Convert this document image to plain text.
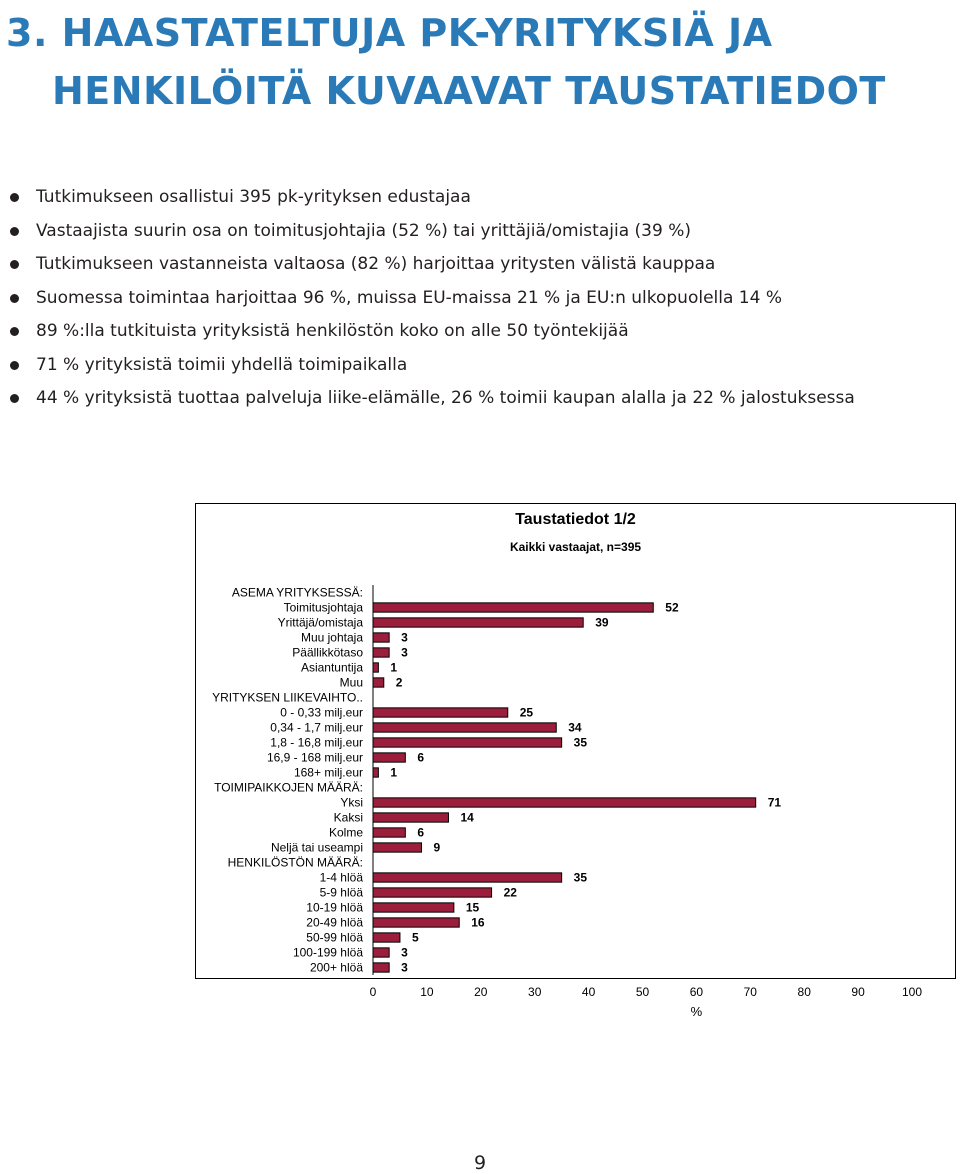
3. HAASTATELTUJA PK-YRITYKSIÄ JA
HENKILÖITÄ KUVAAVAT TAUSTATIEDOT
Tutkimukseen osallistui 395 pk-yrityksen edustajaa
Vastaajista suurin osa on toimitusjohtajia (52 %) tai yrittäjiä/omistajia (39 %)
Tutkimukseen vastanneista valtaosa (82 %) harjoittaa yritysten välistä kauppaa
Suomessa toimintaa harjoittaa 96 %, muissa EU-maissa 21 % ja EU:n ulkopuolella 14 %
89 %:lla tutkituista yrityksistä henkilöstön koko on alle 50 työntekijää
71 % yrityksistä toimii yhdellä toimipaikalla
44 % yrityksistä tuottaa palveluja liike-elämälle, 26 % toimii kaupan alalla ja 22 % jalostuksessa
Taustatiedot 1/2
Kaikki vastaajat, n=395
ASEMA YRITYKSESSÄ:
Toimitusjohtaja	52
Yrittäjä/omistaja	39
Muu johtaja	3
Päällikkötaso	3
Asiantuntija 1
Muu	2
YRITYKSEN LIIKEVAIHTO..
0 - 0,33 milj.eur	25
0,34 - 1,7 milj.eur	34
1,8 - 16,8 milj.eur	35
16,9 - 168 milj.eur	6
168+ milj.eur 1
TOIMIPAIKKOJEN MÄÄRÄ:
Yksi	71
Kaksi	14
Kolme	6
Neljä tai useampi	9
HENKILÖSTÖN MÄÄRÄ:
1-4 hlöä	35
5-9 hlöä	22
10-19 hlöä	15
20-49 hlöä	16
50-99 hlöä	5
100-199 hlöä	3
200+ hlöä	3
0	10	20	30	40	50	60	70	80	90	100
%
9
